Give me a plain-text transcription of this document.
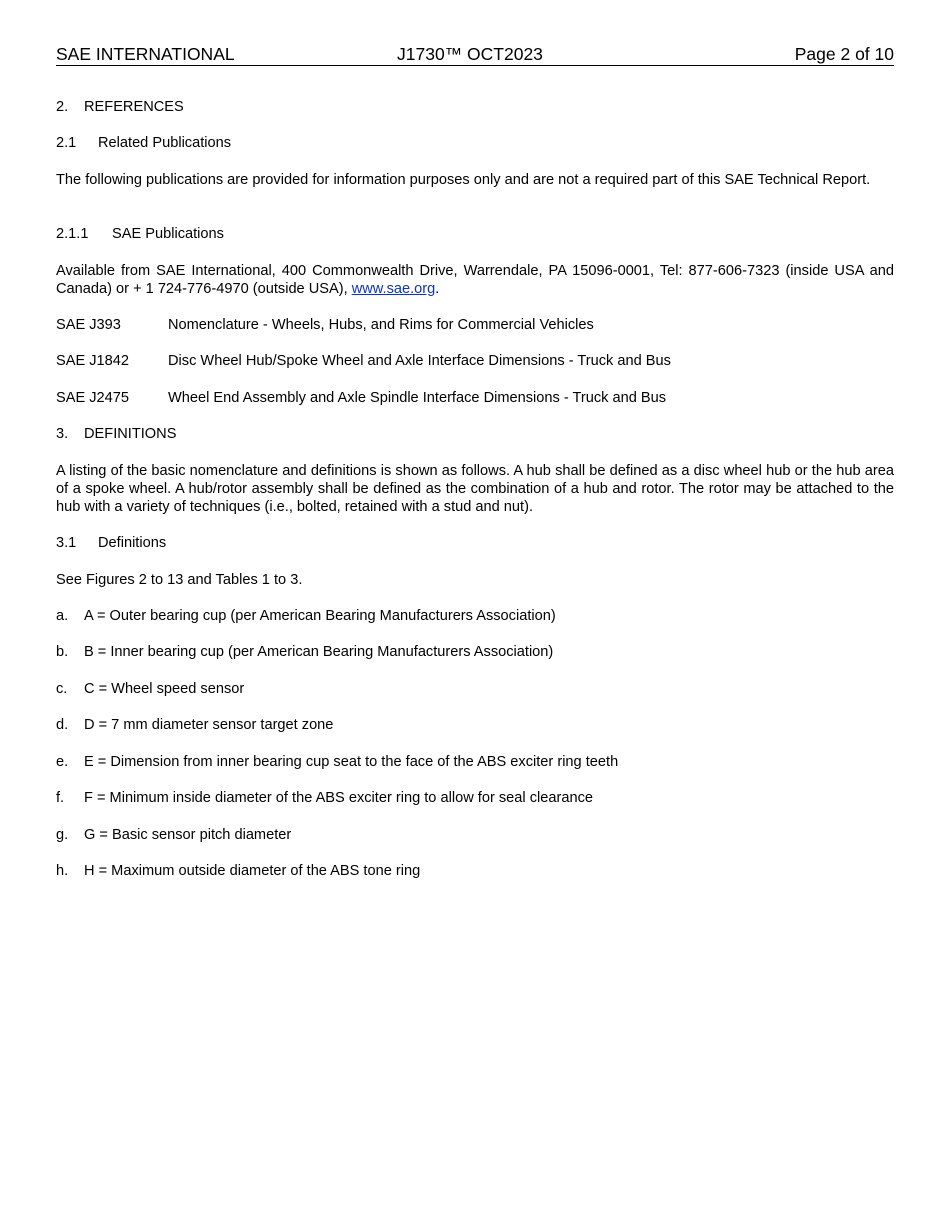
SAE INTERNATIONAL	J1730™ OCT2023	Page 2 of 10
2. REFERENCES
2.1 Related Publications
The following publications are provided for information purposes only and are not a required part of this SAE Technical Report.
2.1.1 SAE Publications
Available from SAE International, 400 Commonwealth Drive, Warrendale, PA 15096-0001, Tel: 877-606-7323 (inside USA and Canada) or + 1 724-776-4970 (outside USA), www.sae.org.
SAE J393	Nomenclature - Wheels, Hubs, and Rims for Commercial Vehicles
SAE J1842	Disc Wheel Hub/Spoke Wheel and Axle Interface Dimensions - Truck and Bus
SAE J2475	Wheel End Assembly and Axle Spindle Interface Dimensions - Truck and Bus
3. DEFINITIONS
A listing of the basic nomenclature and definitions is shown as follows. A hub shall be defined as a disc wheel hub or the hub area of a spoke wheel. A hub/rotor assembly shall be defined as the combination of a hub and rotor. The rotor may be attached to the hub with a variety of techniques (i.e., bolted, retained with a stud and nut).
3.1 Definitions
See Figures 2 to 13 and Tables 1 to 3.
a. A = Outer bearing cup (per American Bearing Manufacturers Association)
b. B = Inner bearing cup (per American Bearing Manufacturers Association)
c. C = Wheel speed sensor
d. D = 7 mm diameter sensor target zone
e. E = Dimension from inner bearing cup seat to the face of the ABS exciter ring teeth
f. F = Minimum inside diameter of the ABS exciter ring to allow for seal clearance
g. G = Basic sensor pitch diameter
h. H = Maximum outside diameter of the ABS tone ring
